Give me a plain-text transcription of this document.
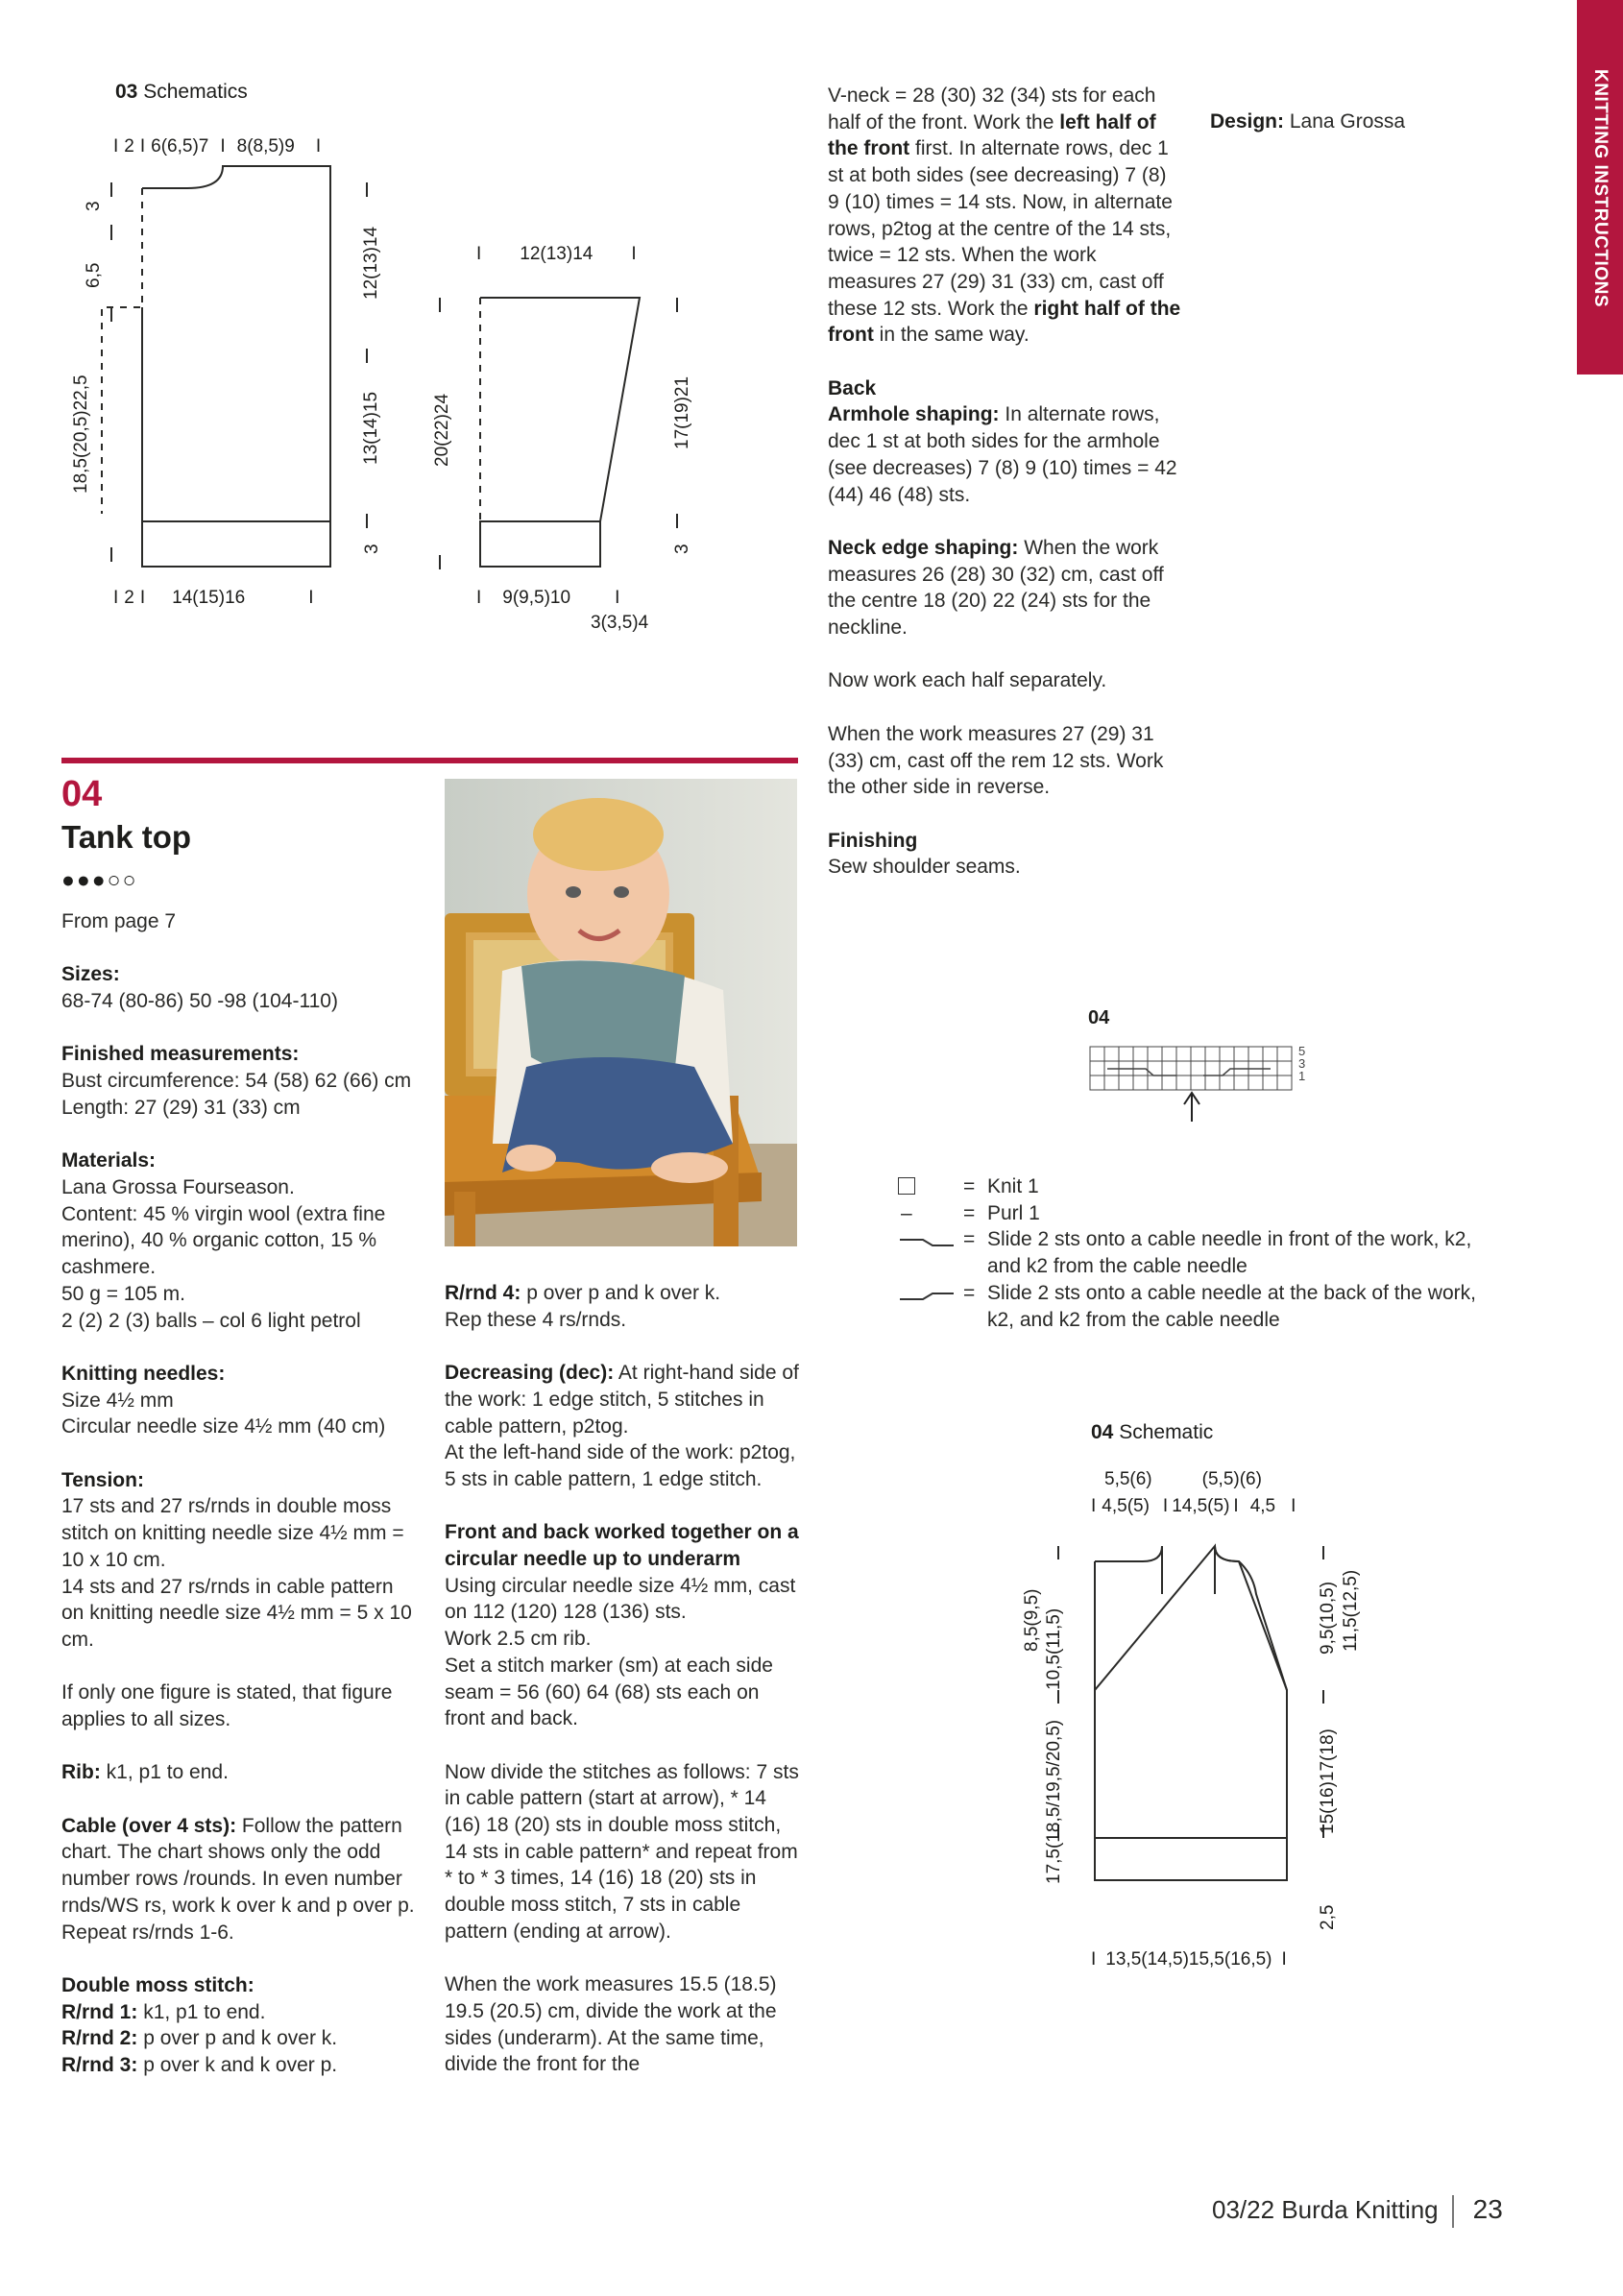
KNITTING INSTRUCTIONS
03 Schematics
I 2 I 6(6,5)7 I 8(8,5)9 I
I 2 I 14(15)16	I
3
6,5
18,5(20,5)22,5
12(13)14
13(14)15
3
I 12(13)14 I
20(22)24	17(19)21
3
I 9(9,5)10 I
3(3,5)4

V-neck = 28 (30) 32 (34) sts for each half of the front. Work the left half of the front first. In alternate rows, dec 1 st at both sides (see decreasing) 7 (8) 9 (10) times = 14 sts. Now, in alternate rows, p2tog at the centre of the 14 sts, twice = 12 sts. When the work measures 27 (29) 31 (33) cm, cast off these 12 sts. Work the right half of the front in the same way.

Back

Armhole shaping: In alternate rows, dec 1 st at both sides for the armhole (see decreases) 7 (8) 9 (10) times = 42 (44) 46 (48) sts.

Neck edge shaping: When the work measures 26 (28) 30 (32) cm, cast off the centre 18 (20) 22 (24) sts for the neckline.

Now work each half separately.

When the work measures 27 (29) 31 (33) cm, cast off the rem 12 sts. Work the other side in reverse.

Finishing

Sew shoulder seams.

Design: Lana Grossa
04
Tank top
●●●○○

From page 7

Sizes:

68-74 (80-86) 50 -98 (104-110)

Finished measurements:

Bust circumference: 54 (58) 62 (66) cm

Length: 27 (29) 31 (33) cm

Materials:

Lana Grossa Fourseason.

Content: 45 % virgin wool (extra fine merino), 40 % organic cotton, 15 % cashmere.

50 g = 105 m.

2 (2) 2 (3) balls – col 6 light petrol

Knitting needles:

Size 4½ mm

Circular needle size 4½ mm (40 cm)

Tension:

17 sts and 27 rs/rnds in double moss stitch on knitting needle size 4½ mm = 10 x 10 cm.

14 sts and 27 rs/rnds in cable pattern on knitting needle size 4½ mm = 5 x 10 cm.

If only one figure is stated, that figure applies to all sizes.

Rib: k1, p1 to end.

Cable (over 4 sts): Follow the pattern chart. The chart shows only the odd number rows /rounds. In even number rnds/WS rs, work k over k and p over p.

Repeat rs/rnds 1-6.

Double moss stitch:

R/rnd 1: k1, p1 to end.

R/rnd 2: p over p and k over k.

R/rnd 3: p over k and k over p.

R/rnd 4: p over p and k over k.

Rep these 4 rs/rnds.

Decreasing (dec): At right-hand side of the work: 1 edge stitch, 5 stitches in cable pattern, p2tog.

At the left-hand side of the work: p2tog, 5 sts in cable pattern, 1 edge stitch.

Front and back worked together on a circular needle up to underarm

Using circular needle size 4½ mm, cast on 112 (120) 128 (136) sts.

Work 2.5 cm rib.

Set a stitch marker (sm) at each side seam = 56 (60) 64 (68) sts each on front and back.

Now divide the stitches as follows: 7 sts in cable pattern (start at arrow), * 14 (16) 18 (20) sts in double moss stitch, 14 sts in cable pattern* and repeat from * to * 3 times, 14 (16) 18 (20) sts in double moss stitch, 7 sts in cable pattern (ending at arrow).

When the work measures 15.5 (18.5) 19.5 (20.5) cm, divide the work at the sides (underarm). At the same time, divide the front for the

04
5
3
1
–
= Knit 1
= Purl 1
= Slide 2 sts onto a cable needle in front of the work, k2, and k2 from the cable needle
= Slide 2 sts onto a cable needle at the back of the work, k2, and k2 from the cable needle
04 Schematic
5,5(6)	(5,5)(6)
I 4,5(5) I 14,5(5) I 4,5 I
8,5(9,5) 10,5(11,5)
17,5(18,5/19,5/20,5)
2,5
9,5(10,5) 11,5(12,5)
15(16)17(18)
I 13,5(14,5)15,5(16,5) I
03/22 Burda Knitting 23
